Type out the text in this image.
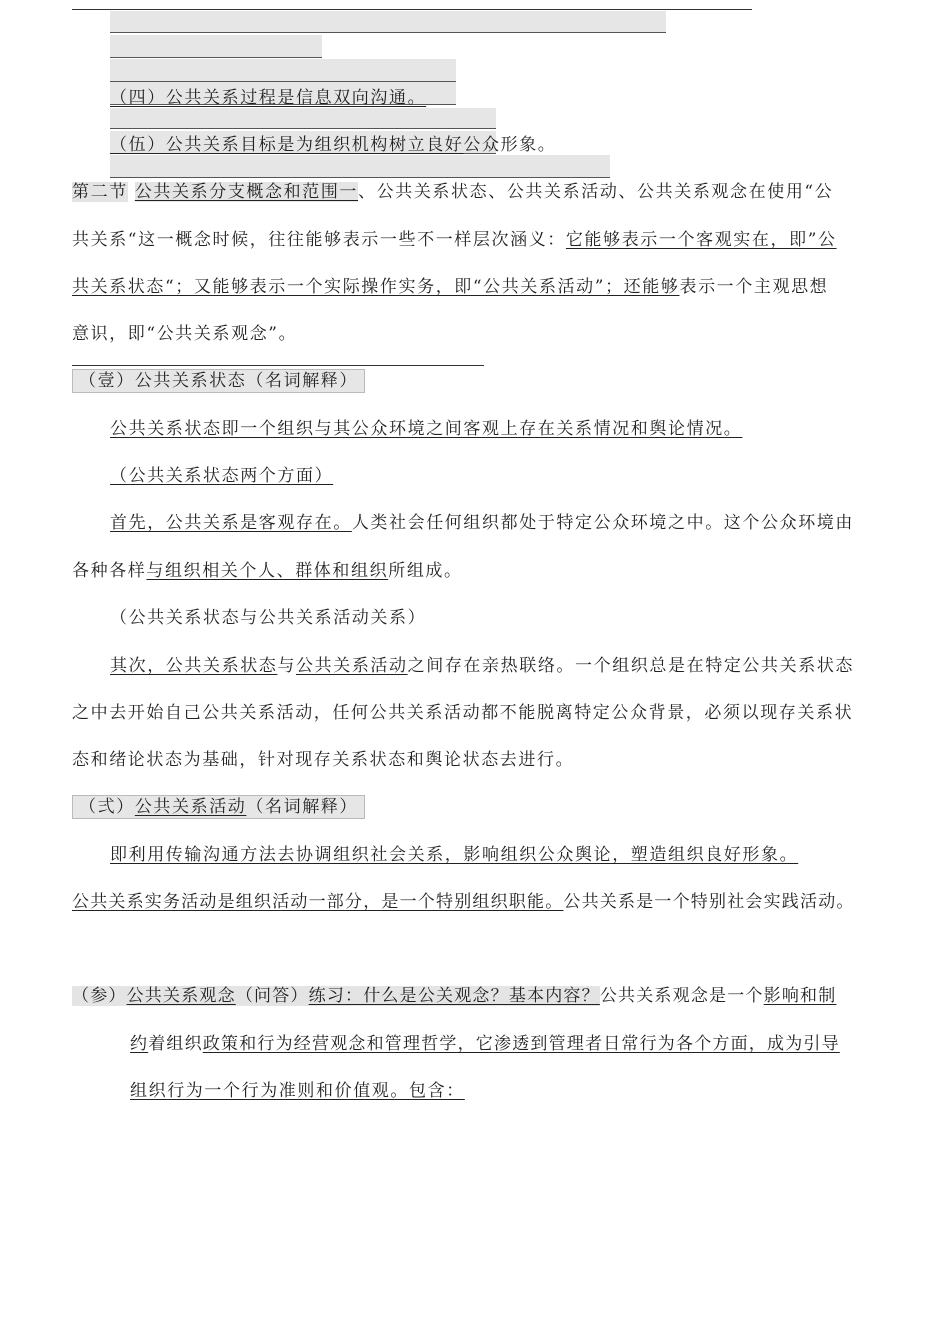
（四）公共关系过程是信息双向沟通。
（伍）公共关系目标是为组织机构树立良好公众形象。
第二节 公共关系分支概念和范围一、公共关系状态、公共关系活动、公共关系观念在使用“公
共关系“这一概念时候，往往能够表示一些不一样层次涵义：它能够表示一个客观实在，即”公
共关系状态“；又能够表示一个实际操作实务，即“公共关系活动”；还能够表示一个主观思想
意识，即“公共关系观念”。
（壹）公共关系状态（名词解释）
公共关系状态即一个组织与其公众环境之间客观上存在关系情况和舆论情况。
（公共关系状态两个方面）
首先，公共关系是客观存在。人类社会任何组织都处于特定公众环境之中。这个公众环境由
各种各样与组织相关个人、群体和组织所组成。
（公共关系状态与公共关系活动关系）
其次，公共关系状态与公共关系活动之间存在亲热联络。一个组织总是在特定公共关系状态
之中去开始自己公共关系活动，任何公共关系活动都不能脱离特定公众背景，必须以现存关系状
态和绪论状态为基础，针对现存关系状态和舆论状态去进行。
（弍）公共关系活动（名词解释）
即利用传输沟通方法去协调组织社会关系，影响组织公众舆论，塑造组织良好形象。
公共关系实务活动是组织活动一部分，是一个特别组织职能。公共关系是一个特别社会实践活动。
（参）公共关系观念（问答）练习：什么是公关观念？基本内容？公共关系观念是一个影响和制
约着组织政策和行为经营观念和管理哲学，它渗透到管理者日常行为各个方面，成为引导
组织行为一个行为准则和价值观。包含：
